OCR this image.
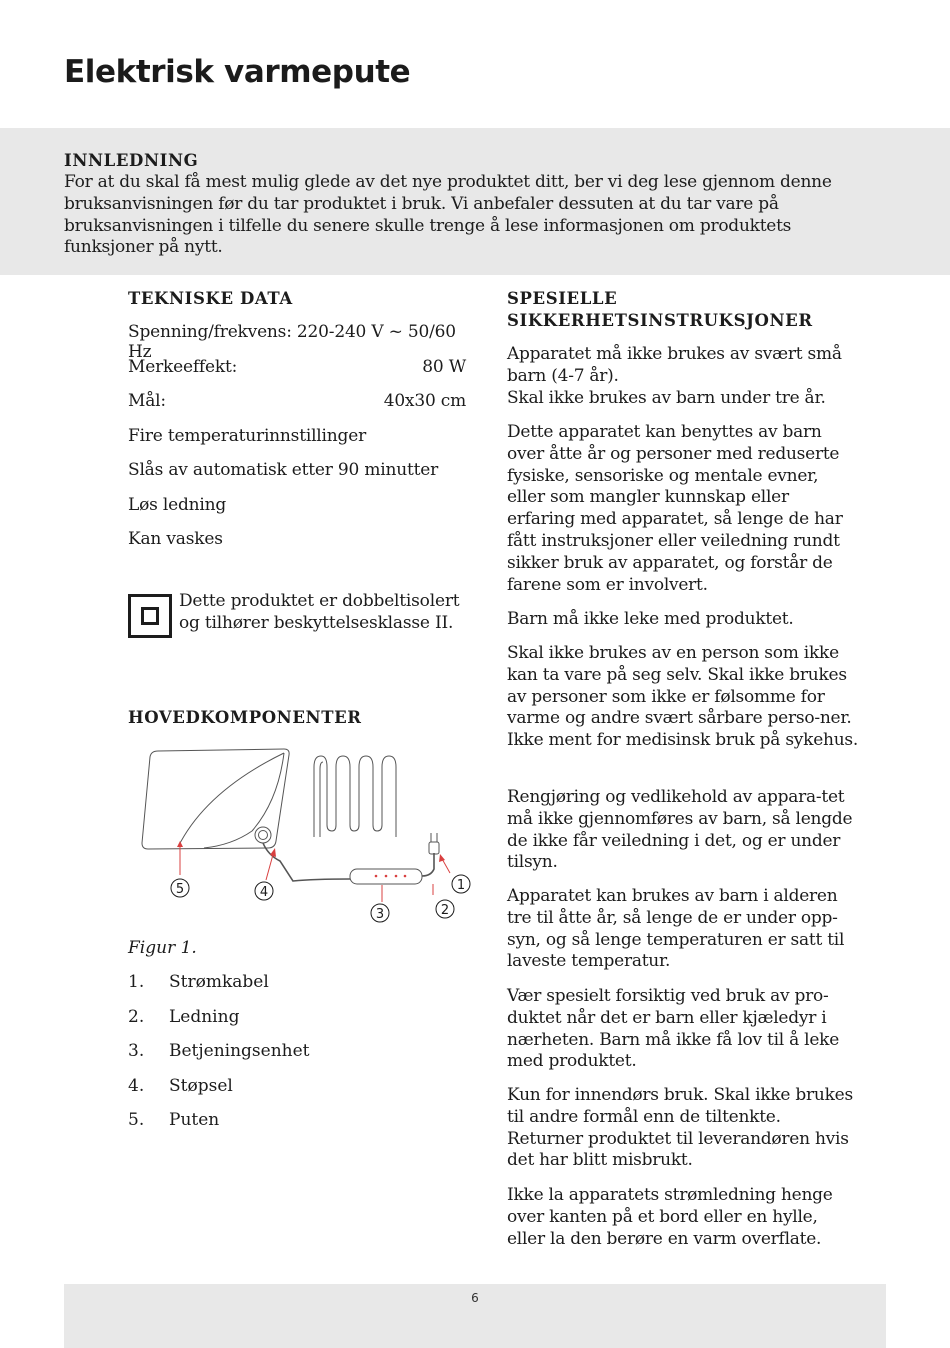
Elektrisk varmepute
INNLEDNING
For at du skal få mest mulig glede av det nye produktet ditt, ber vi deg lese gjennom denne bruksanvisningen før du tar produktet i bruk. Vi anbefaler dessuten at du tar vare på bruksanvisningen i tilfelle du senere skulle trenge å lese informasjonen om produktets funksjoner på nytt.
TEKNISKE DATA
Spenning/frekvens: 220-240 V ~ 50/60 Hz
Merkeeffekt:	80 W
Mål:	40x30 cm
Fire temperaturinnstillinger
Slås av automatisk etter 90 minutter
Løs ledning
Kan vaskes
Dette produktet er dobbeltisolert og tilhører beskyttelsesklasse II.
HOVEDKOMPONENTER
5	4
3	2
1
Figur 1.
1. Strømkabel
2. Ledning
3. Betjeningsenhet
4. Støpsel
5. Puten
SPESIELLE SIKKERHETSINSTRUKSJONER

Apparatet må ikke brukes av svært små barn (4-7 år).
Skal ikke brukes av barn under tre år.

Dette apparatet kan benyttes av barn over åtte år og personer med reduserte fysiske, sensoriske og mentale evner, eller som mangler kunnskap eller erfaring med apparatet, så lenge de har fått instruksjoner eller veiledning rundt sikker bruk av apparatet, og forstår de farene som er involvert.

Barn må ikke leke med produktet.

Skal ikke brukes av en person som ikke kan ta vare på seg selv. Skal ikke brukes av personer som ikke er følsomme for varme og andre svært sårbare perso-ner. Ikke ment for medisinsk bruk på sykehus.

Rengjøring og vedlikehold av appara-tet må ikke gjennomføres av barn, så lengde de ikke får veiledning i det, og er under tilsyn.

Apparatet kan brukes av barn i alderen tre til åtte år, så lenge de er under opp-syn, og så lenge temperaturen er satt til laveste temperatur.

Vær spesielt forsiktig ved bruk av pro-duktet når det er barn eller kjæledyr i nærheten. Barn må ikke få lov til å leke med produktet.

Kun for innendørs bruk. Skal ikke brukes til andre formål enn de tiltenkte. Returner produktet til leverandøren hvis det har blitt misbrukt.

Ikke la apparatets strømledning henge over kanten på et bord eller en hylle, eller la den berøre en varm overflate.

6
